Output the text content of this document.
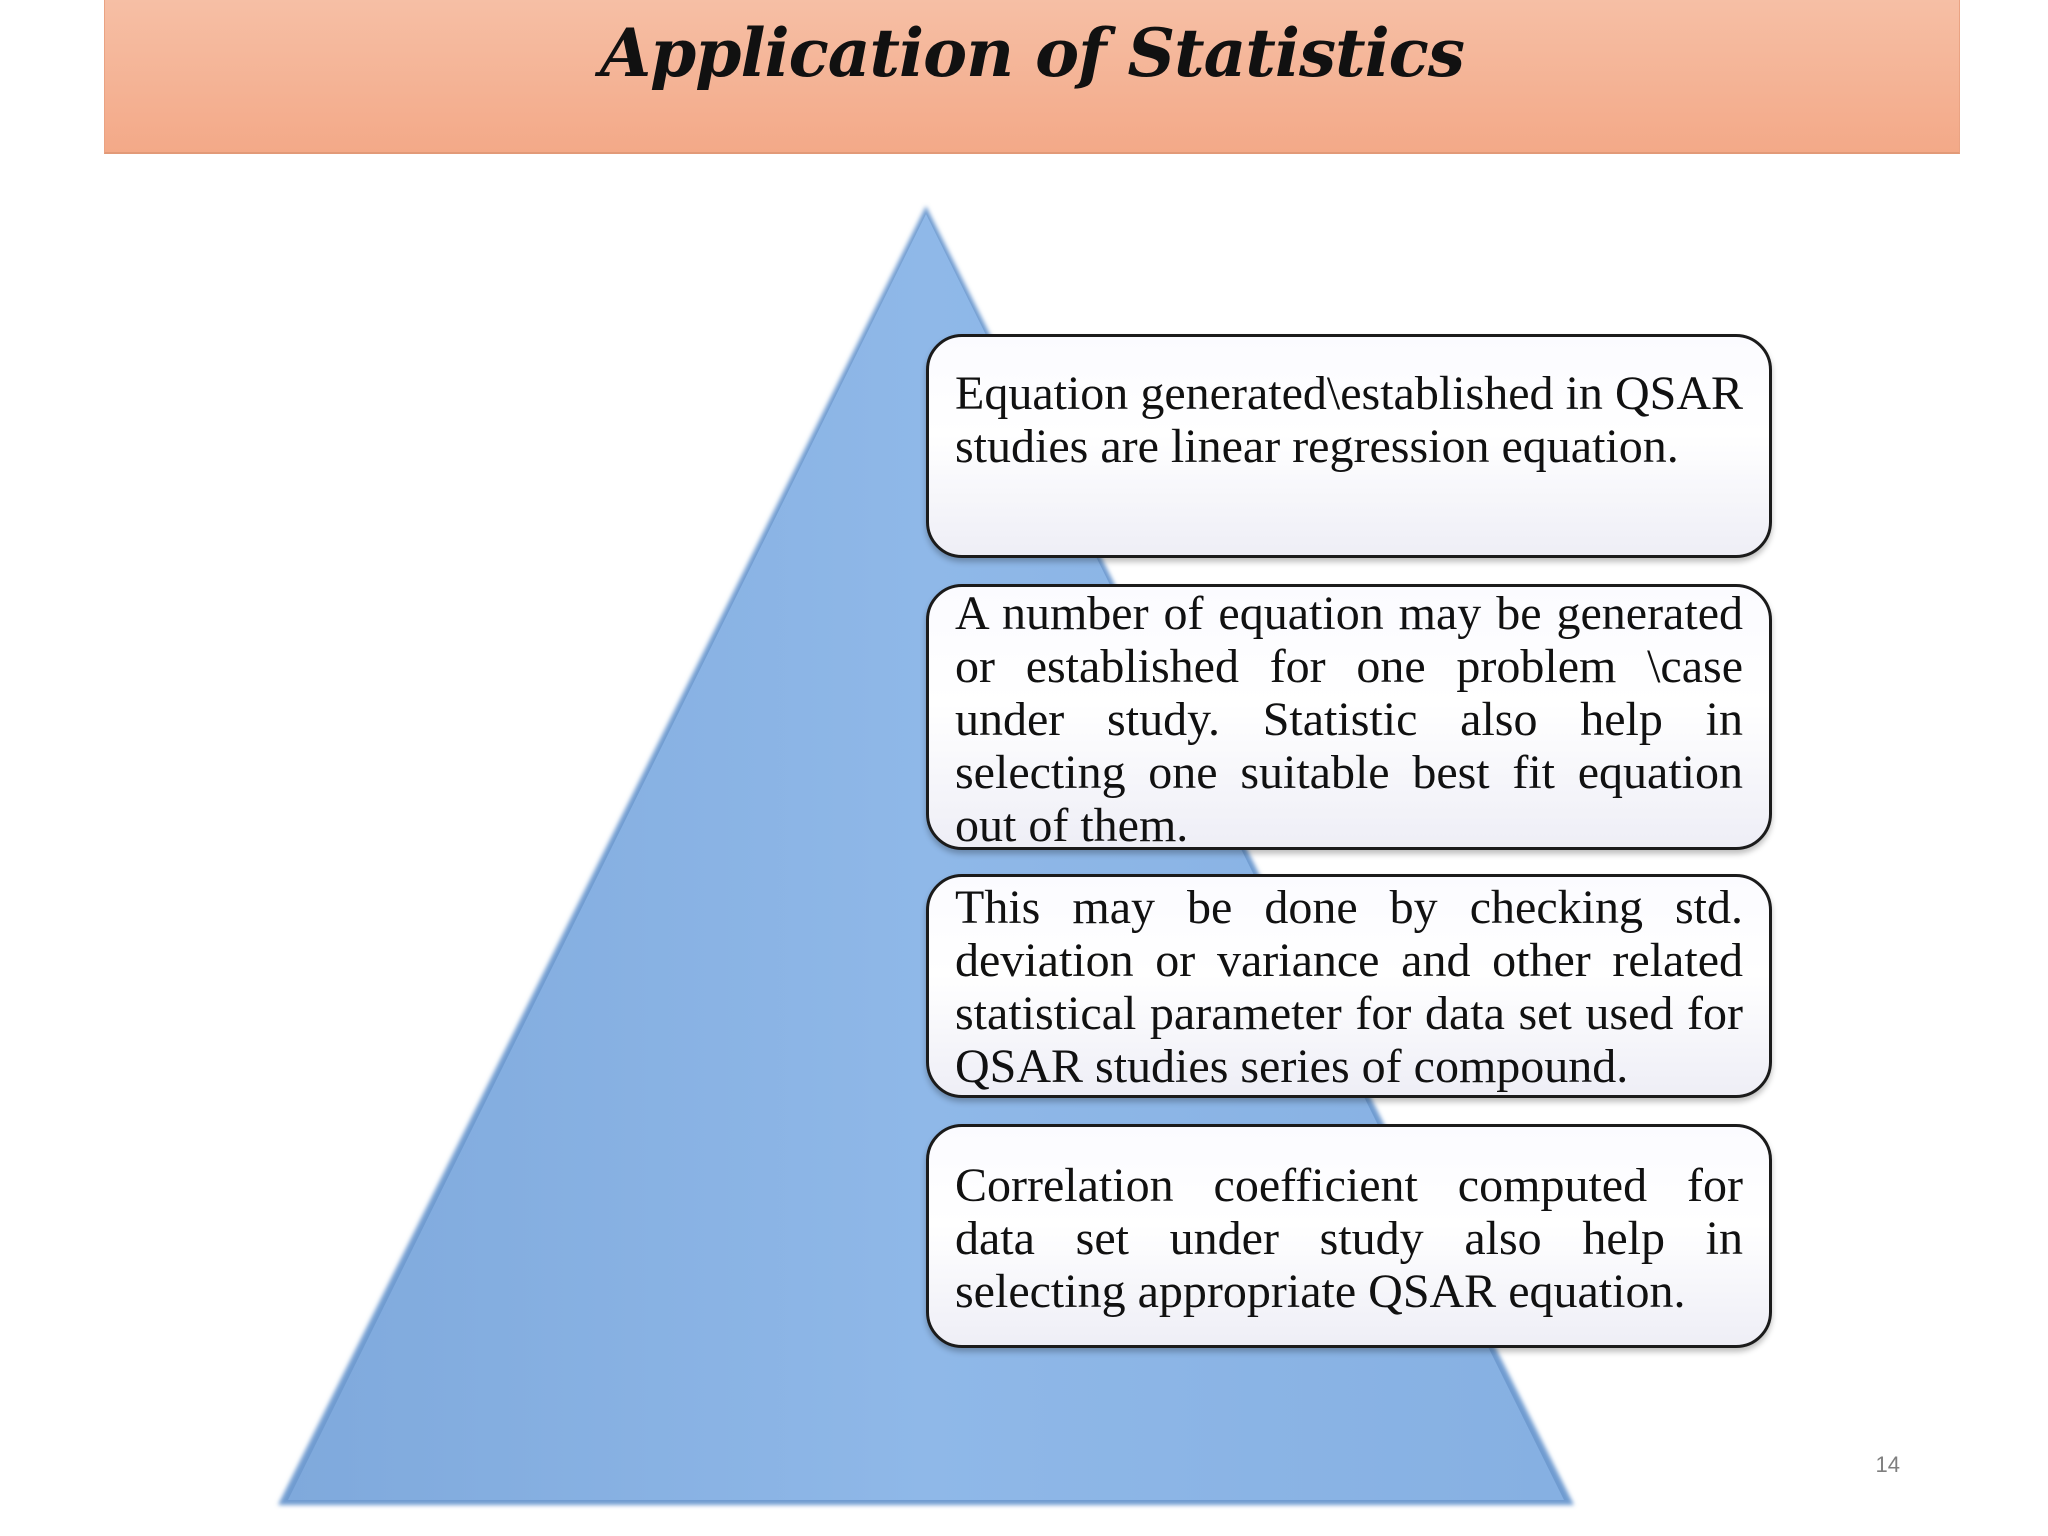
Application of Statistics
Equation generated\established in QSAR studies are linear regression equation.
A number of equation may be generated or established for one problem \case under study. Statistic also help in selecting one suitable best fit equation out of them.
This may be done by checking std. deviation or variance and other related statistical parameter for data set used for QSAR studies series of compound.
Correlation coefficient computed for data set under study also help in selecting appropriate QSAR equation.
14
